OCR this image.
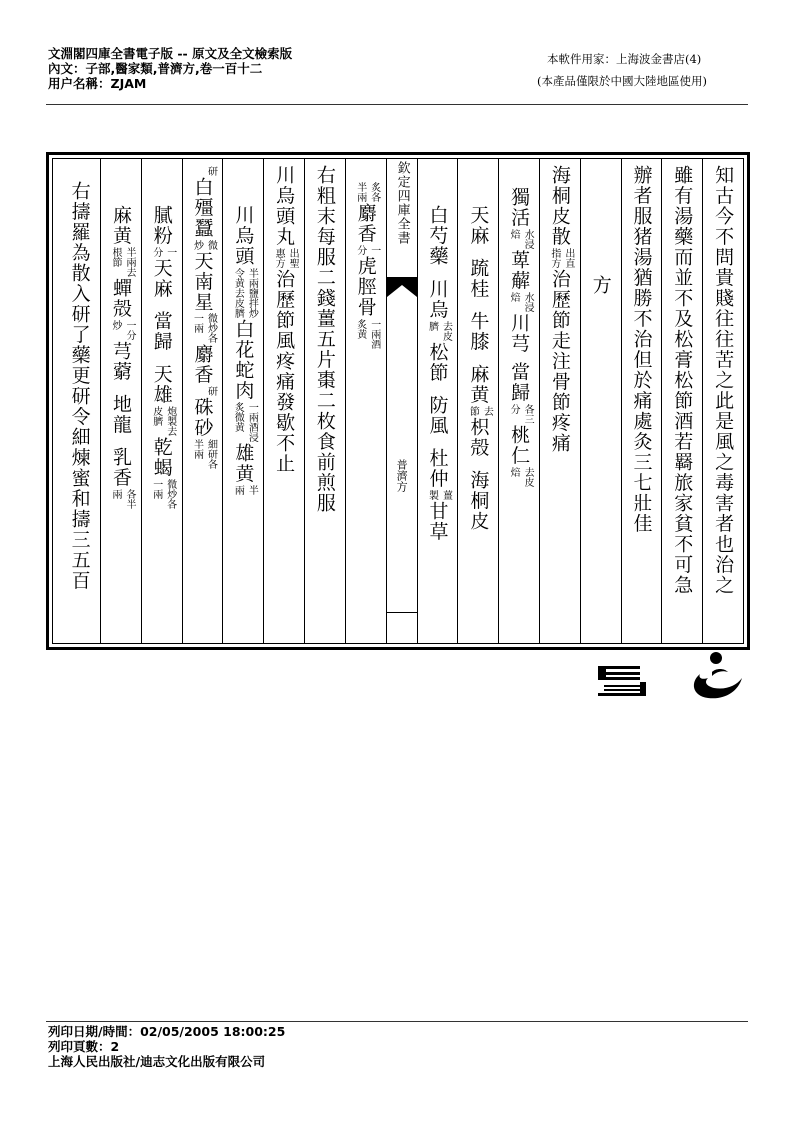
文淵閣四庫全書電子版 -- 原文及全文檢索版
內文：子部,醫家類,普濟方,卷一百十二
用户名稱：ZJAM
本軟件用家：上海波金書店(4)
(本產品僅限於中國大陸地區使用)
知古今不問貴賤往往苦之此是風之毒害者也治之
雖有湯藥而並不及松膏松節酒若羇旅家貧不可急
辦者服猪湯猶勝不治但於痛處灸三七壯佳
方
海桐皮散
出直
指方
治歷節走注骨節疼痛
獨活
水浸
焙
萆薢
水浸
焙
川芎
當歸
各三
分
桃仁
去皮
焙
天麻
䟽桂
牛膝
麻黄
去
節
枳殻
海桐皮
白芍藥
川烏
去皮
臍
松節
防風
杜仲
薑
製
甘草
欽定四庫全書
普濟方
炙各
半兩
麝香
一
分
虎脛骨
一兩酒
炙黄
右粗末每服二錢薑五片棗二枚食前煎服
川烏頭丸
出聖
惠方
治歷節風疼痛發歇不止
川烏頭
半兩鹽拌炒
令黄去皮臍
白花蛇肉
一兩酒浸
炙微黄
雄黄
半
兩
研
白殭蠶
微
炒
天南星
微炒各
一兩
麝香
研
硃砂
細研各
半兩
膩粉
一
分
天麻
當歸
天雄
炮製去
皮臍
乾蝎
微炒各
一兩
麻黄
半兩去
根節
蟬殻
一分
炒
芎藭
地龍
乳香
各半
兩
右擣羅為散入研了藥更研令細煉蜜和擣三五百
列印日期/時間：02/05/2005 18:00:25
列印頁數：2
上海人民出版社/迪志文化出版有限公司
